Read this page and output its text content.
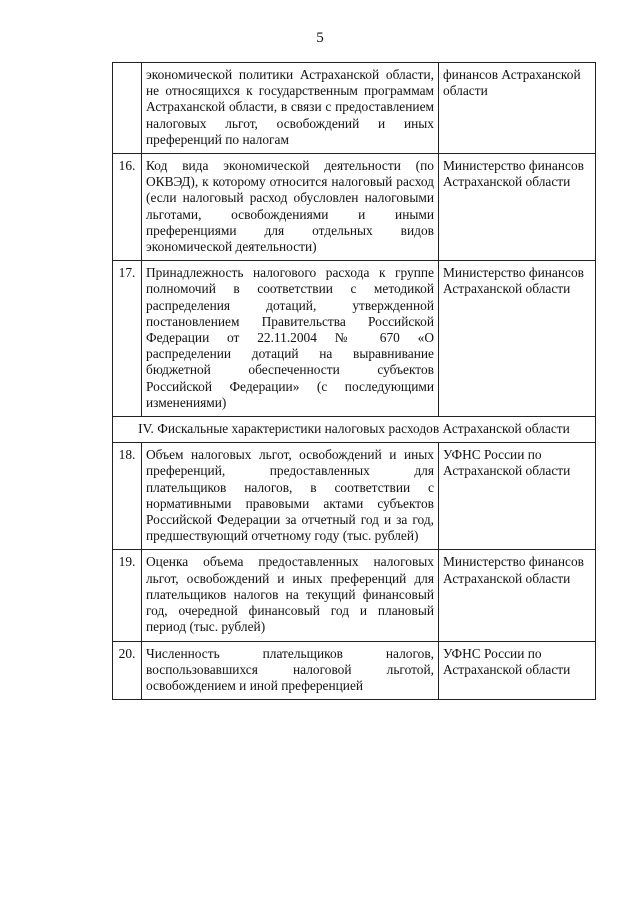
5
	экономической политики Астраханской области, не относящихся к государственным программам Астраханской области, в связи с предоставлением налоговых льгот, освобождений и иных преференций по налогам	финансов Астраханской области
16.	Код вида экономической деятельности (по ОКВЭД), к которому относится налоговый расход (если налоговый расход обусловлен налоговыми льготами, освобождениями и иными преференциями для отдельных видов экономической деятельности)	Министерство финансов Астраханской области
17.	Принадлежность налогового расхода к группе полномочий в соответствии с методикой распределения дотаций, утвержденной постановлением Правительства Российской Федерации от 22.11.2004 № 670 «О распределении дотаций на выравнивание бюджетной обеспеченности субъектов Российской Федерации» (с последующими изменениями)	Министерство финансов Астраханской области
IV. Фискальные характеристики налоговых расходов Астраханской области		
18.	Объем налоговых льгот, освобождений и иных преференций, предоставленных для плательщиков налогов, в соответствии с нормативными правовыми актами субъектов Российской Федерации за отчетный год и за год, предшествующий отчетному году (тыс. рублей)	УФНС России по Астраханской области
19.	Оценка объема предоставленных налоговых льгот, освобождений и иных преференций для плательщиков налогов на текущий финансовый год, очередной финансовый год и плановый период (тыс. рублей)	Министерство финансов Астраханской области
20.	Численность плательщиков налогов, воспользовавшихся налоговой льготой, освобождением и иной преференцией	УФНС России по Астраханской области
